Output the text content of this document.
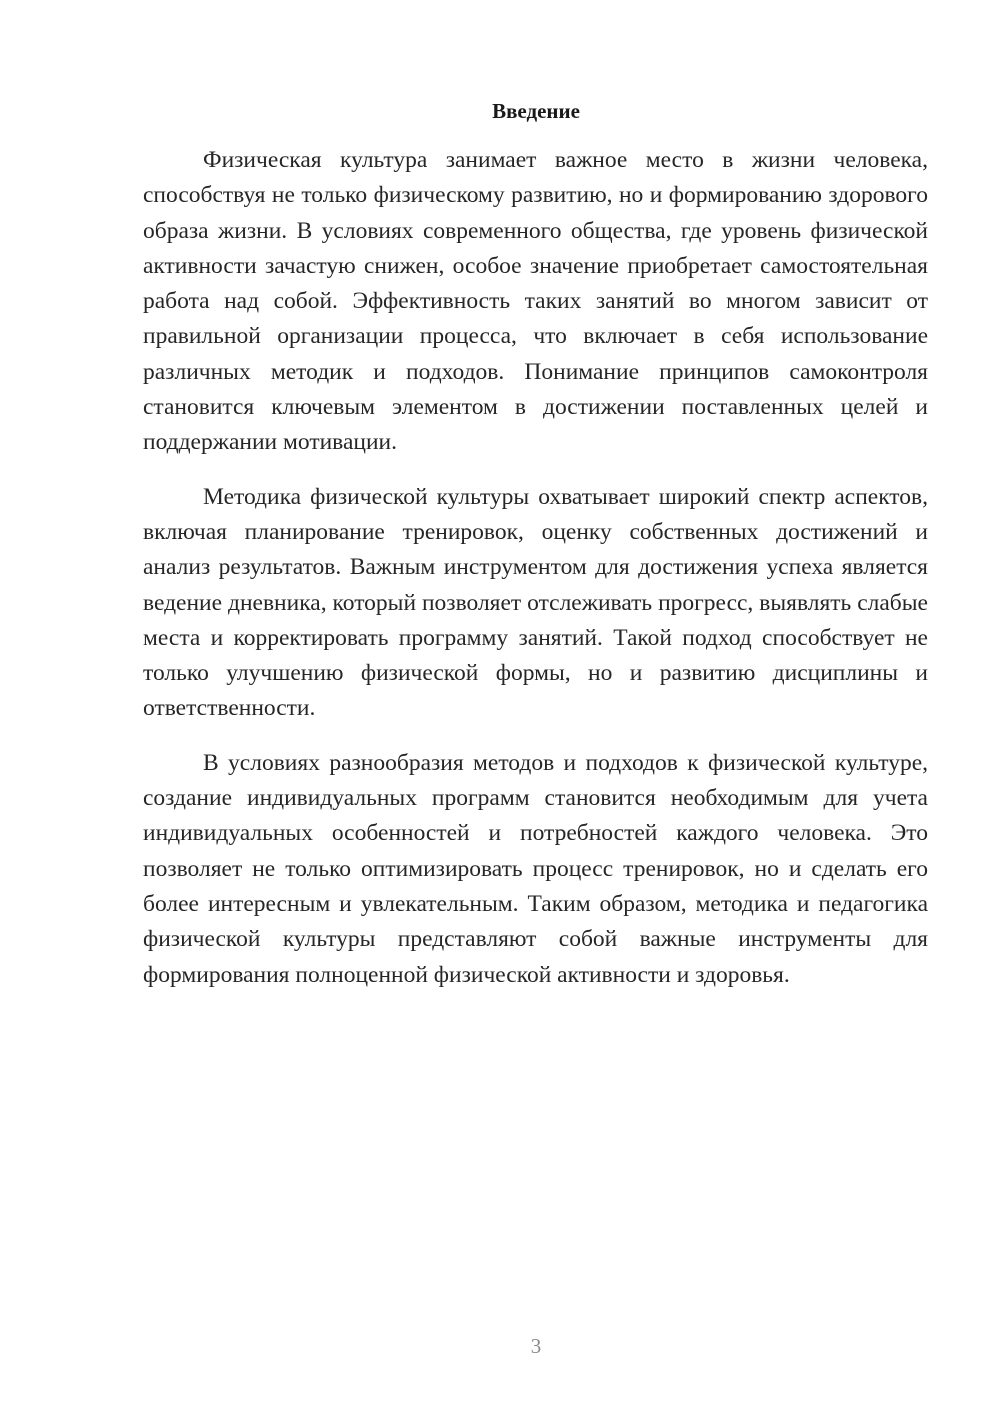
Введение

Физическая культура занимает важное место в жизни человека, способствуя не только физическому развитию, но и формированию здорового образа жизни. В условиях современного общества, где уровень физической активности зачастую снижен, особое значение приобретает самостоятельная работа над собой. Эффективность таких занятий во многом зависит от правильной организации процесса, что включает в себя использование различных методик и подходов. Понимание принципов самоконтроля становится ключевым элементом в достижении поставленных целей и поддержании мотивации.

Методика физической культуры охватывает широкий спектр аспектов, включая планирование тренировок, оценку собственных достижений и анализ результатов. Важным инструментом для достижения успеха является ведение дневника, который позволяет отслеживать прогресс, выявлять слабые места и корректировать программу занятий. Такой подход способствует не только улучшению физической формы, но и развитию дисциплины и ответственности.

В условиях разнообразия методов и подходов к физической культуре, создание индивидуальных программ становится необходимым для учета индивидуальных особенностей и потребностей каждого человека. Это позволяет не только оптимизировать процесс тренировок, но и сделать его более интересным и увлекательным. Таким образом, методика и педагогика физической культуры представляют собой важные инструменты для формирования полноценной физической активности и здоровья.

3
